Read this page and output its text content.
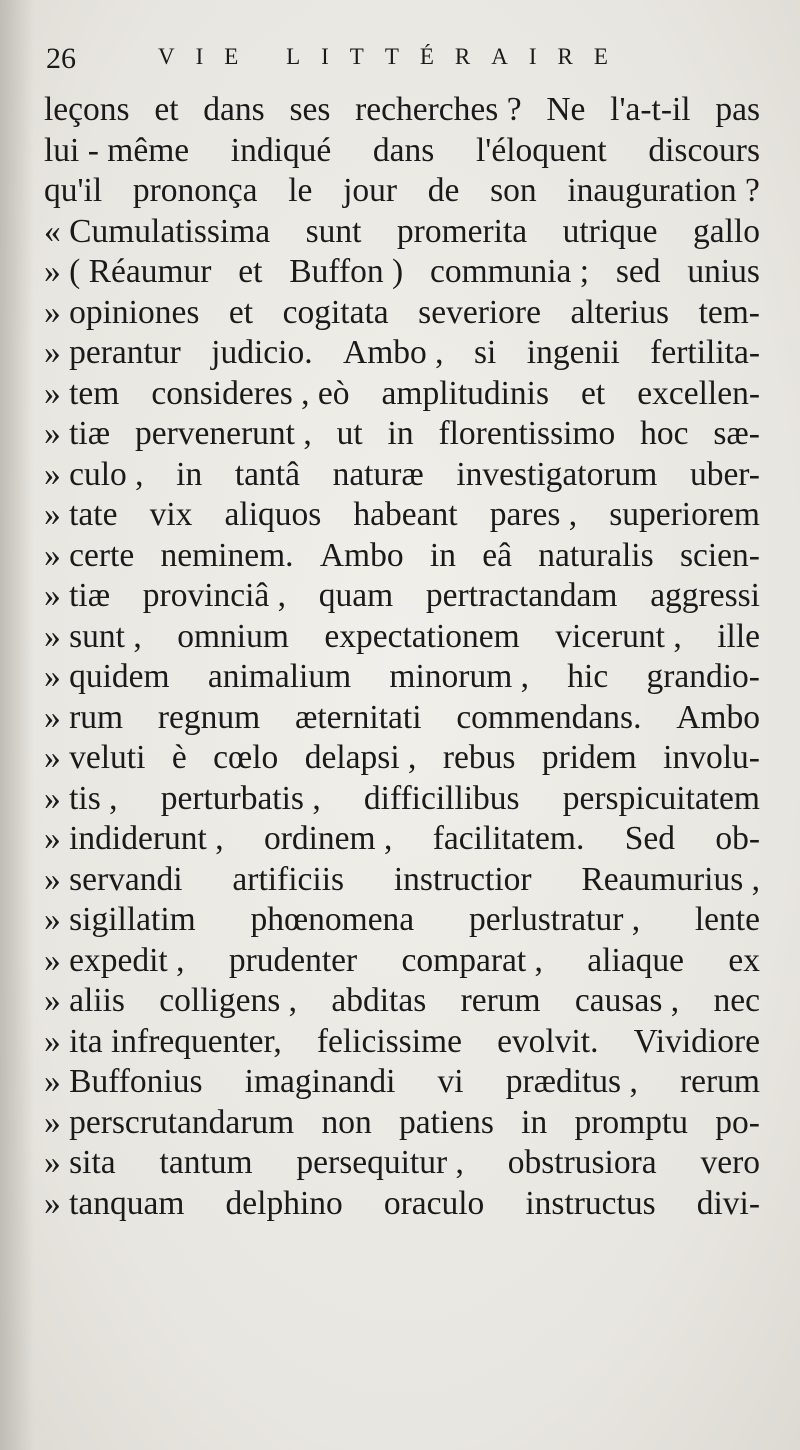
26	VIE LITTÉRAIRE
leçons et dans ses recherches ? Ne l'a-t-il pas
lui - même indiqué dans l'éloquent discours
qu'il prononça le jour de son inauguration ?
« Cumulatissima sunt promerita utrique gallo
» ( Réaumur et Buffon ) communia ; sed unius
» opiniones et cogitata severiore alterius tem-
» perantur judicio. Ambo , si ingenii fertilita-
» tem consideres , eò amplitudinis et excellen-
» tiæ pervenerunt , ut in florentissimo hoc sæ-
» culo , in tantâ naturæ investigatorum uber-
» tate vix aliquos habeant pares , superiorem
» certe neminem. Ambo in eâ naturalis scien-
» tiæ provinciâ , quam pertractandam aggressi
» sunt , omnium expectationem vicerunt , ille
» quidem animalium minorum , hic grandio-
» rum regnum æternitati commendans. Ambo
» veluti è cœlo delapsi , rebus pridem involu-
» tis , perturbatis , difficillibus perspicuitatem
» indiderunt , ordinem , facilitatem. Sed ob-
» servandi artificiis instructior Reaumurius ,
» sigillatim phœnomena perlustratur , lente
» expedit , prudenter comparat , aliaque ex
» aliis colligens , abditas rerum causas , nec
» ita infrequenter, felicissime evolvit. Vividiore
» Buffonius imaginandi vi præditus , rerum
» perscrutandarum non patiens in promptu po-
» sita tantum persequitur , obstrusiora vero
» tanquam delphino oraculo instructus divi-
